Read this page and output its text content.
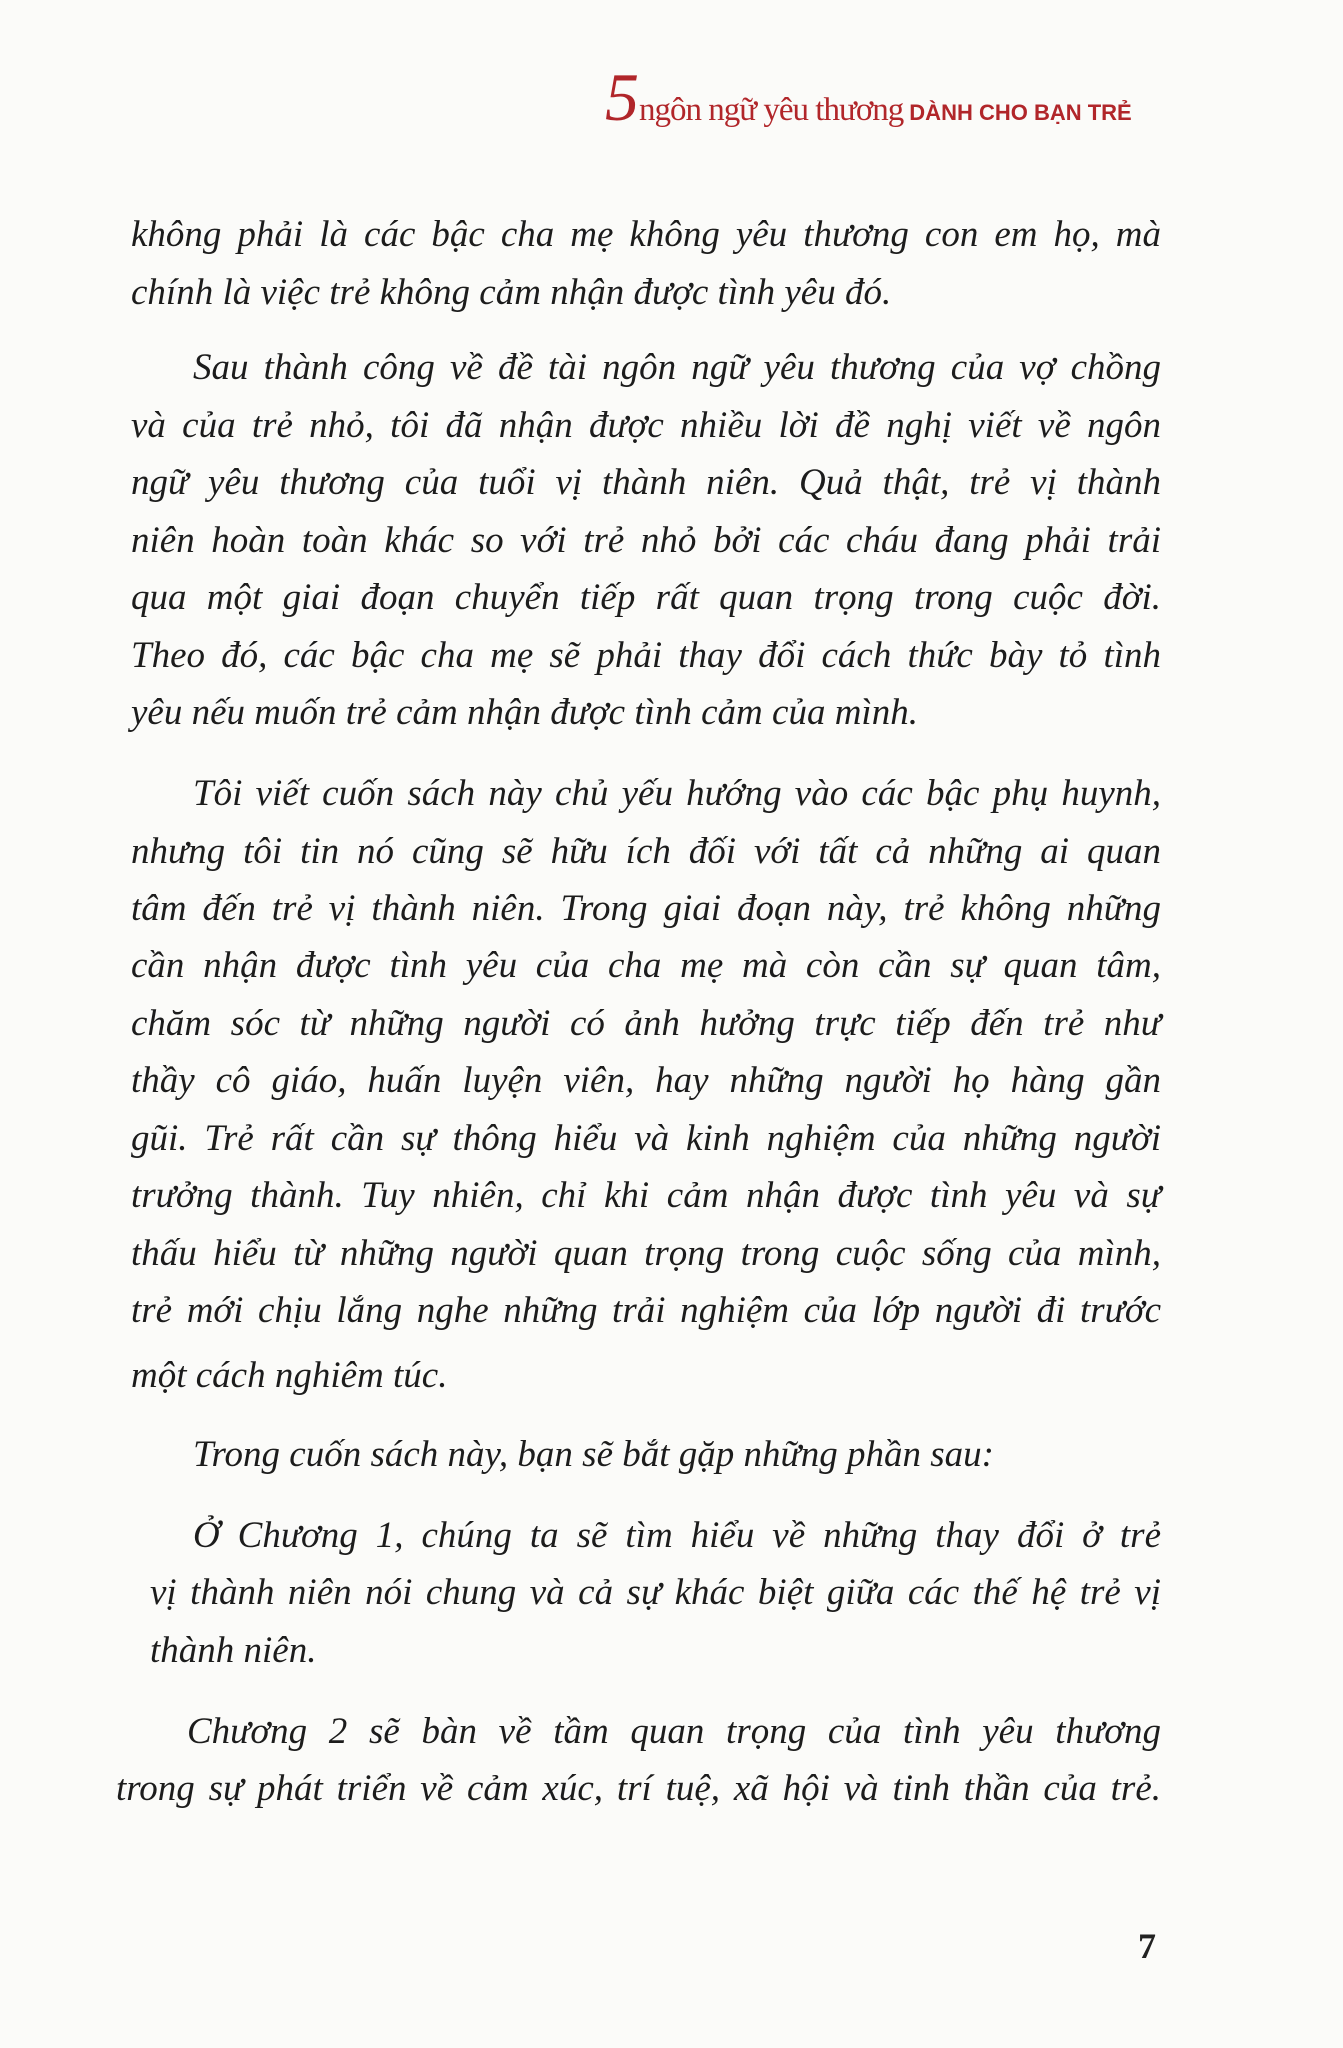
5ngôn ngữ yêu thương DÀNH CHO BẠN TRẺ
không phải là các bậc cha mẹ không yêu thương con em họ, mà
chính là việc trẻ không cảm nhận được tình yêu đó.
Sau thành công về đề tài ngôn ngữ yêu thương của vợ chồng
và của trẻ nhỏ, tôi đã nhận được nhiều lời đề nghị viết về ngôn
ngữ yêu thương của tuổi vị thành niên. Quả thật, trẻ vị thành
niên hoàn toàn khác so với trẻ nhỏ bởi các cháu đang phải trải
qua một giai đoạn chuyển tiếp rất quan trọng trong cuộc đời.
Theo đó, các bậc cha mẹ sẽ phải thay đổi cách thức bày tỏ tình
yêu nếu muốn trẻ cảm nhận được tình cảm của mình.
Tôi viết cuốn sách này chủ yếu hướng vào các bậc phụ huynh,
nhưng tôi tin nó cũng sẽ hữu ích đối với tất cả những ai quan
tâm đến trẻ vị thành niên. Trong giai đoạn này, trẻ không những
cần nhận được tình yêu của cha mẹ mà còn cần sự quan tâm,
chăm sóc từ những người có ảnh hưởng trực tiếp đến trẻ như
thầy cô giáo, huấn luyện viên, hay những người họ hàng gần
gũi. Trẻ rất cần sự thông hiểu và kinh nghiệm của những người
trưởng thành. Tuy nhiên, chỉ khi cảm nhận được tình yêu và sự
thấu hiểu từ những người quan trọng trong cuộc sống của mình,
trẻ mới chịu lắng nghe những trải nghiệm của lớp người đi trước
một cách nghiêm túc.
Trong cuốn sách này, bạn sẽ bắt gặp những phần sau:
Ở Chương 1, chúng ta sẽ tìm hiểu về những thay đổi ở trẻ
vị thành niên nói chung và cả sự khác biệt giữa các thế hệ trẻ vị
thành niên.
Chương 2 sẽ bàn về tầm quan trọng của tình yêu thương
trong sự phát triển về cảm xúc, trí tuệ, xã hội và tinh thần của trẻ.
7
